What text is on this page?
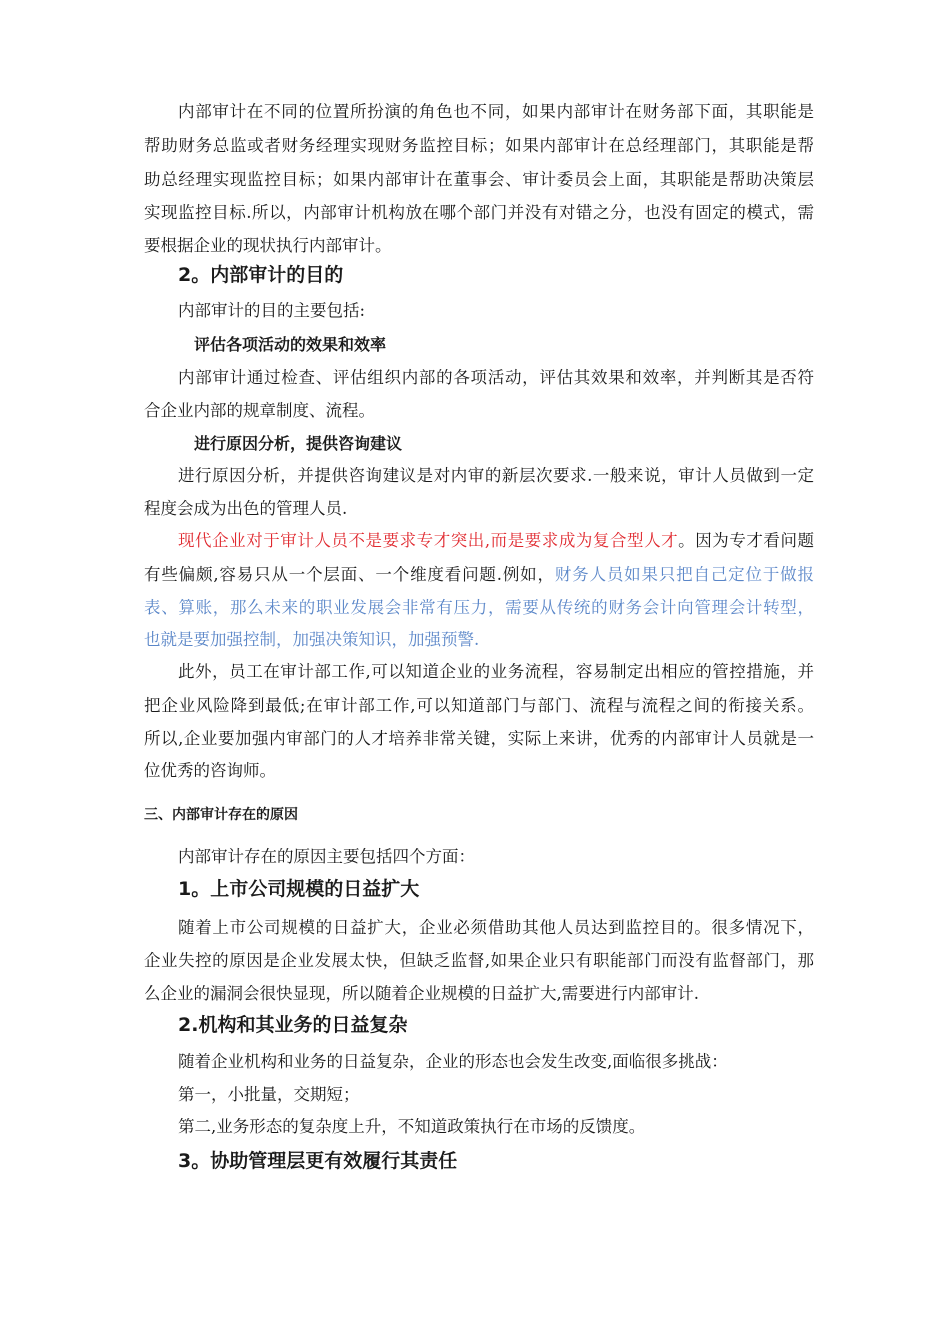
内部审计在不同的位置所扮演的角色也不同，如果内部审计在财务部下面，其职能是
帮助财务总监或者财务经理实现财务监控目标；如果内部审计在总经理部门，其职能是帮
助总经理实现监控目标；如果内部审计在董事会、审计委员会上面，其职能是帮助决策层
实现监控目标.所以，内部审计机构放在哪个部门并没有对错之分，也没有固定的模式，需
要根据企业的现状执行内部审计。
2。内部审计的目的
内部审计的目的主要包括:
评估各项活动的效果和效率
内部审计通过检查、评估组织内部的各项活动，评估其效果和效率，并判断其是否符
合企业内部的规章制度、流程。
进行原因分析，提供咨询建议
进行原因分析，并提供咨询建议是对内审的新层次要求.一般来说，审计人员做到一定
程度会成为出色的管理人员.
现代企业对于审计人员不是要求专才突出,而是要求成为复合型人才。因为专才看问题
有些偏颇,容易只从一个层面、一个维度看问题.例如，财务人员如果只把自己定位于做报
表、算账，那么未来的职业发展会非常有压力，需要从传统的财务会计向管理会计转型，
也就是要加强控制，加强决策知识，加强预警.
此外，员工在审计部工作,可以知道企业的业务流程，容易制定出相应的管控措施，并
把企业风险降到最低;在审计部工作,可以知道部门与部门、流程与流程之间的衔接关系。
所以,企业要加强内审部门的人才培养非常关键，实际上来讲，优秀的内部审计人员就是一
位优秀的咨询师。
三、内部审计存在的原因
内部审计存在的原因主要包括四个方面：
1。上市公司规模的日益扩大
随着上市公司规模的日益扩大，企业必须借助其他人员达到监控目的。很多情况下，
企业失控的原因是企业发展太快，但缺乏监督,如果企业只有职能部门而没有监督部门，那
么企业的漏洞会很快显现，所以随着企业规模的日益扩大,需要进行内部审计.
2.机构和其业务的日益复杂
随着企业机构和业务的日益复杂，企业的形态也会发生改变,面临很多挑战：
第一，小批量，交期短；
第二,业务形态的复杂度上升，不知道政策执行在市场的反馈度。
3。协助管理层更有效履行其责任
